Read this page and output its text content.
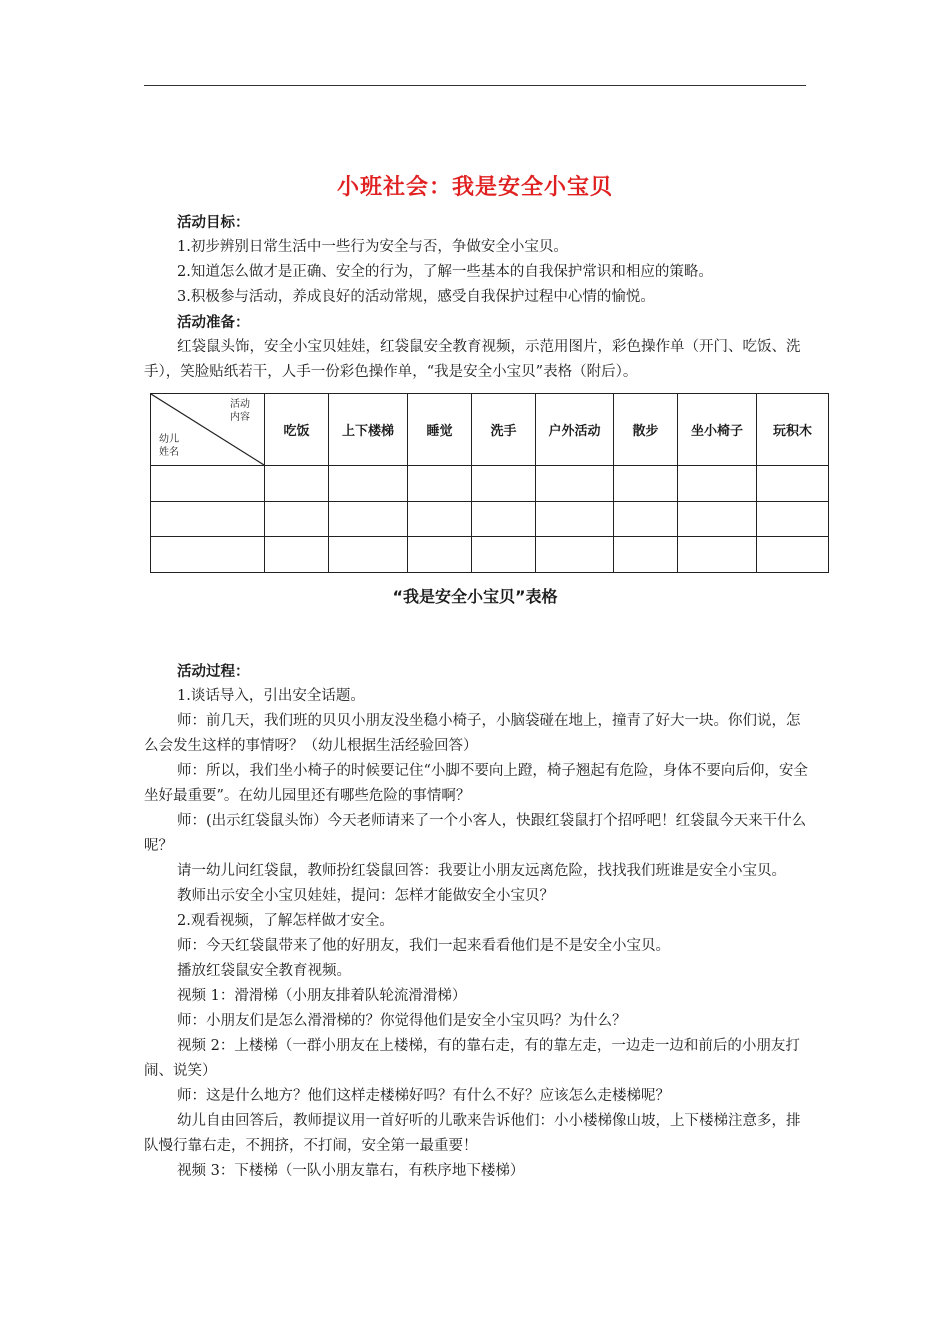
小班社会：我是安全小宝贝

活动目标：

1.初步辨别日常生活中一些行为安全与否，争做安全小宝贝。

2.知道怎么做才是正确、安全的行为，了解一些基本的自我保护常识和相应的策略。

3.积极参与活动，养成良好的活动常规，感受自我保护过程中心情的愉悦。

活动准备：

红袋鼠头饰，安全小宝贝娃娃，红袋鼠安全教育视频，示范用图片，彩色操作单（开门、吃饭、洗手），笑脸贴纸若干，人手一份彩色操作单，“我是安全小宝贝”表格（附后）。

活动
内容
幼儿
姓名	吃饭	上下楼梯	睡觉	洗手	户外活动	散步	坐小椅子	玩积木

“我是安全小宝贝”表格

活动过程：

1.谈话导入，引出安全话题。

师：前几天，我们班的贝贝小朋友没坐稳小椅子，小脑袋碰在地上，撞青了好大一块。你们说，怎么会发生这样的事情呀？（幼儿根据生活经验回答）

师：所以，我们坐小椅子的时候要记住“小脚不要向上蹬，椅子翘起有危险，身体不要向后仰，安全坐好最重要”。在幼儿园里还有哪些危险的事情啊？

师：(出示红袋鼠头饰）今天老师请来了一个小客人，快跟红袋鼠打个招呼吧！红袋鼠今天来干什么呢？

请一幼儿问红袋鼠，教师扮红袋鼠回答：我要让小朋友远离危险，找找我们班谁是安全小宝贝。

教师出示安全小宝贝娃娃，提问：怎样才能做安全小宝贝？

2.观看视频，了解怎样做才安全。

师：今天红袋鼠带来了他的好朋友，我们一起来看看他们是不是安全小宝贝。

播放红袋鼠安全教育视频。

视频 1：滑滑梯（小朋友排着队轮流滑滑梯）

师：小朋友们是怎么滑滑梯的？你觉得他们是安全小宝贝吗？为什么？

视频 2：上楼梯（一群小朋友在上楼梯，有的靠右走，有的靠左走，一边走一边和前后的小朋友打闹、说笑）

师：这是什么地方？他们这样走楼梯好吗？有什么不好？应该怎么走楼梯呢？

幼儿自由回答后，教师提议用一首好听的儿歌来告诉他们：小小楼梯像山坡，上下楼梯注意多，排队慢行靠右走，不拥挤，不打闹，安全第一最重要！

视频 3：下楼梯（一队小朋友靠右，有秩序地下楼梯）
